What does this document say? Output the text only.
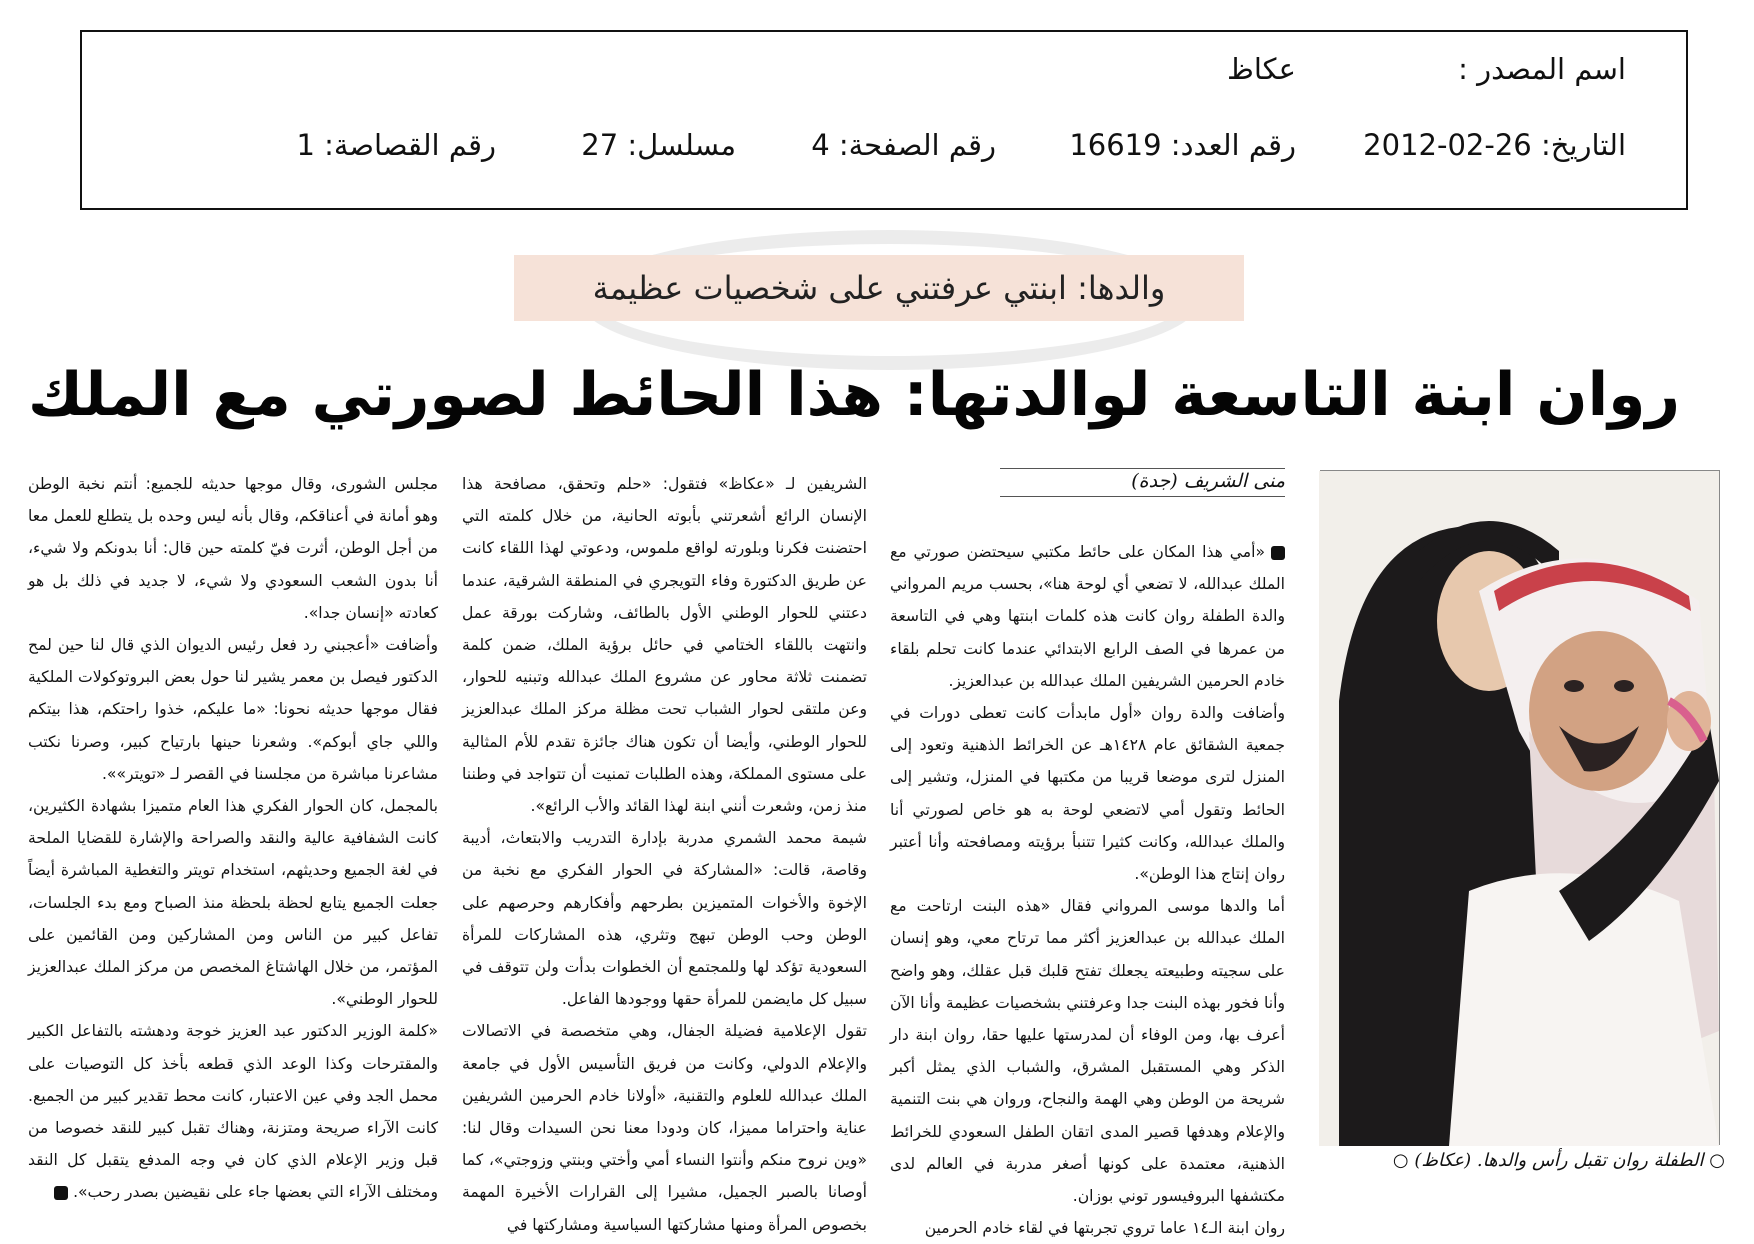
اسم المصدر :
عكاظ
التاريخ: 26-02-2012
رقم العدد: 16619
رقم الصفحة: 4
مسلسل: 27
رقم القصاصة: 1
والدها: ابنتي عرفتني على شخصيات عظيمة
روان ابنة التاسعة لوالدتها: هذا الحائط لصورتي مع الملك
منى الشريف (جدة)
○ الطفلة روان تقبل رأس والدها. (عكاظ) ○

«أمي هذا المكان على حائط مكتبي سيحتضن صورتي مع الملك عبدالله، لا تضعي أي لوحة هنا»، بحسب مريم المرواني والدة الطفلة روان كانت هذه كلمات ابنتها وهي في التاسعة من عمرها في الصف الرابع الابتدائي عندما كانت تحلم بلقاء خادم الحرمين الشريفين الملك عبدالله بن عبدالعزيز.

وأضافت والدة روان «أول مابدأت كانت تعطى دورات في جمعية الشقائق عام ١٤٢٨هـ عن الخرائط الذهنية وتعود إلى المنزل لترى موضعا قريبا من مكتبها في المنزل، وتشير إلى الحائط وتقول أمي لاتضعي لوحة به هو خاص لصورتي أنا والملك عبدالله، وكانت كثيرا تتنبأ برؤيته ومصافحته وأنا أعتبر روان إنتاج هذا الوطن».

أما والدها موسى المرواني فقال «هذه البنت ارتاحت مع الملك عبدالله بن عبدالعزيز أكثر مما ترتاح معي، وهو إنسان على سجيته وطبيعته يجعلك تفتح قلبك قبل عقلك، وهو واضح وأنا فخور بهذه البنت جدا وعرفتني بشخصيات عظيمة وأنا الآن أعرف بها، ومن الوفاء أن لمدرستها عليها حقا، روان ابنة دار الذكر وهي المستقبل المشرق، والشباب الذي يمثل أكبر شريحة من الوطن وهي الهمة والنجاح، وروان هي بنت التنمية والإعلام وهدفها قصير المدى اتقان الطفل السعودي للخرائط الذهنية، معتمدة على كونها أصغر مدربة في العالم لدى مكتشفها البروفيسور توني بوزان.

روان ابنة الـ١٤ عاما تروي تجربتها في لقاء خادم الحرمين

الشريفين لـ «عكاظ» فتقول: «حلم وتحقق، مصافحة هذا الإنسان الرائع أشعرتني بأبوته الحانية، من خلال كلمته التي احتضنت فكرنا وبلورته لواقع ملموس، ودعوتي لهذا اللقاء كانت عن طريق الدكتورة وفاء التويجري في المنطقة الشرقية، عندما دعتني للحوار الوطني الأول بالطائف، وشاركت بورقة عمل وانتهت باللقاء الختامي في حائل برؤية الملك، ضمن كلمة تضمنت ثلاثة محاور عن مشروع الملك عبدالله وتبنيه للحوار، وعن ملتقى لحوار الشباب تحت مظلة مركز الملك عبدالعزيز للحوار الوطني، وأيضا أن تكون هناك جائزة تقدم للأم المثالية على مستوى المملكة، وهذه الطلبات تمنيت أن تتواجد في وطننا منذ زمن، وشعرت أنني ابنة لهذا القائد والأب الرائع».

شيمة محمد الشمري مدربة بإدارة التدريب والابتعاث، أديبة وقاصة، قالت: «المشاركة في الحوار الفكري مع نخبة من الإخوة والأخوات المتميزين بطرحهم وأفكارهم وحرصهم على الوطن وحب الوطن تبهج وتثري، هذه المشاركات للمرأة السعودية تؤكد لها وللمجتمع أن الخطوات بدأت ولن تتوقف في سبيل كل مايضمن للمرأة حقها ووجودها الفاعل.

تقول الإعلامية فضيلة الجفال، وهي متخصصة في الاتصالات والإعلام الدولي، وكانت من فريق التأسيس الأول في جامعة الملك عبدالله للعلوم والتقنية، «أولانا خادم الحرمين الشريفين عناية واحتراما مميزا، كان ودودا معنا نحن السيدات وقال لنا: «وين نروح منكم وأنتوا النساء أمي وأختي وبنتي وزوجتي»، كما أوصانا بالصبر الجميل، مشيرا إلى القرارات الأخيرة المهمة بخصوص المرأة ومنها مشاركتها السياسية ومشاركتها في

مجلس الشورى، وقال موجها حديثه للجميع: أنتم نخبة الوطن وهو أمانة في أعناقكم، وقال بأنه ليس وحده بل يتطلع للعمل معا من أجل الوطن، أثرت فيّ كلمته حين قال: أنا بدونكم ولا شيء، أنا بدون الشعب السعودي ولا شيء، لا جديد في ذلك بل هو كعادته «إنسان جدا».

وأضافت «أعجبني رد فعل رئيس الديوان الذي قال لنا حين لمح الدكتور فيصل بن معمر يشير لنا حول بعض البروتوكولات الملكية فقال موجها حديثه نحونا: «ما عليكم، خذوا راحتكم، هذا بيتكم واللي جاي أبوكم». وشعرنا حينها بارتياح كبير، وصرنا نكتب مشاعرنا مباشرة من مجلسنا في القصر لـ «تويتر»».

بالمجمل، كان الحوار الفكري هذا العام متميزا بشهادة الكثيرين، كانت الشفافية عالية والنقد والصراحة والإشارة للقضايا الملحة في لغة الجميع وحديثهم، استخدام تويتر والتغطية المباشرة أيضاً جعلت الجميع يتابع لحظة بلحظة منذ الصباح ومع بدء الجلسات، تفاعل كبير من الناس ومن المشاركين ومن القائمين على المؤتمر، من خلال الهاشتاغ المخصص من مركز الملك عبدالعزيز للحوار الوطني».

«كلمة الوزير الدكتور عبد العزيز خوجة ودهشته بالتفاعل الكبير والمقترحات وكذا الوعد الذي قطعه بأخذ كل التوصيات على محمل الجد وفي عين الاعتبار، كانت محط تقدير كبير من الجميع. كانت الآراء صريحة ومتزنة، وهناك تقبل كبير للنقد خصوصا من قبل وزير الإعلام الذي كان في وجه المدفع يتقبل كل النقد ومختلف الآراء التي بعضها جاء على نقيضين بصدر رحب».
